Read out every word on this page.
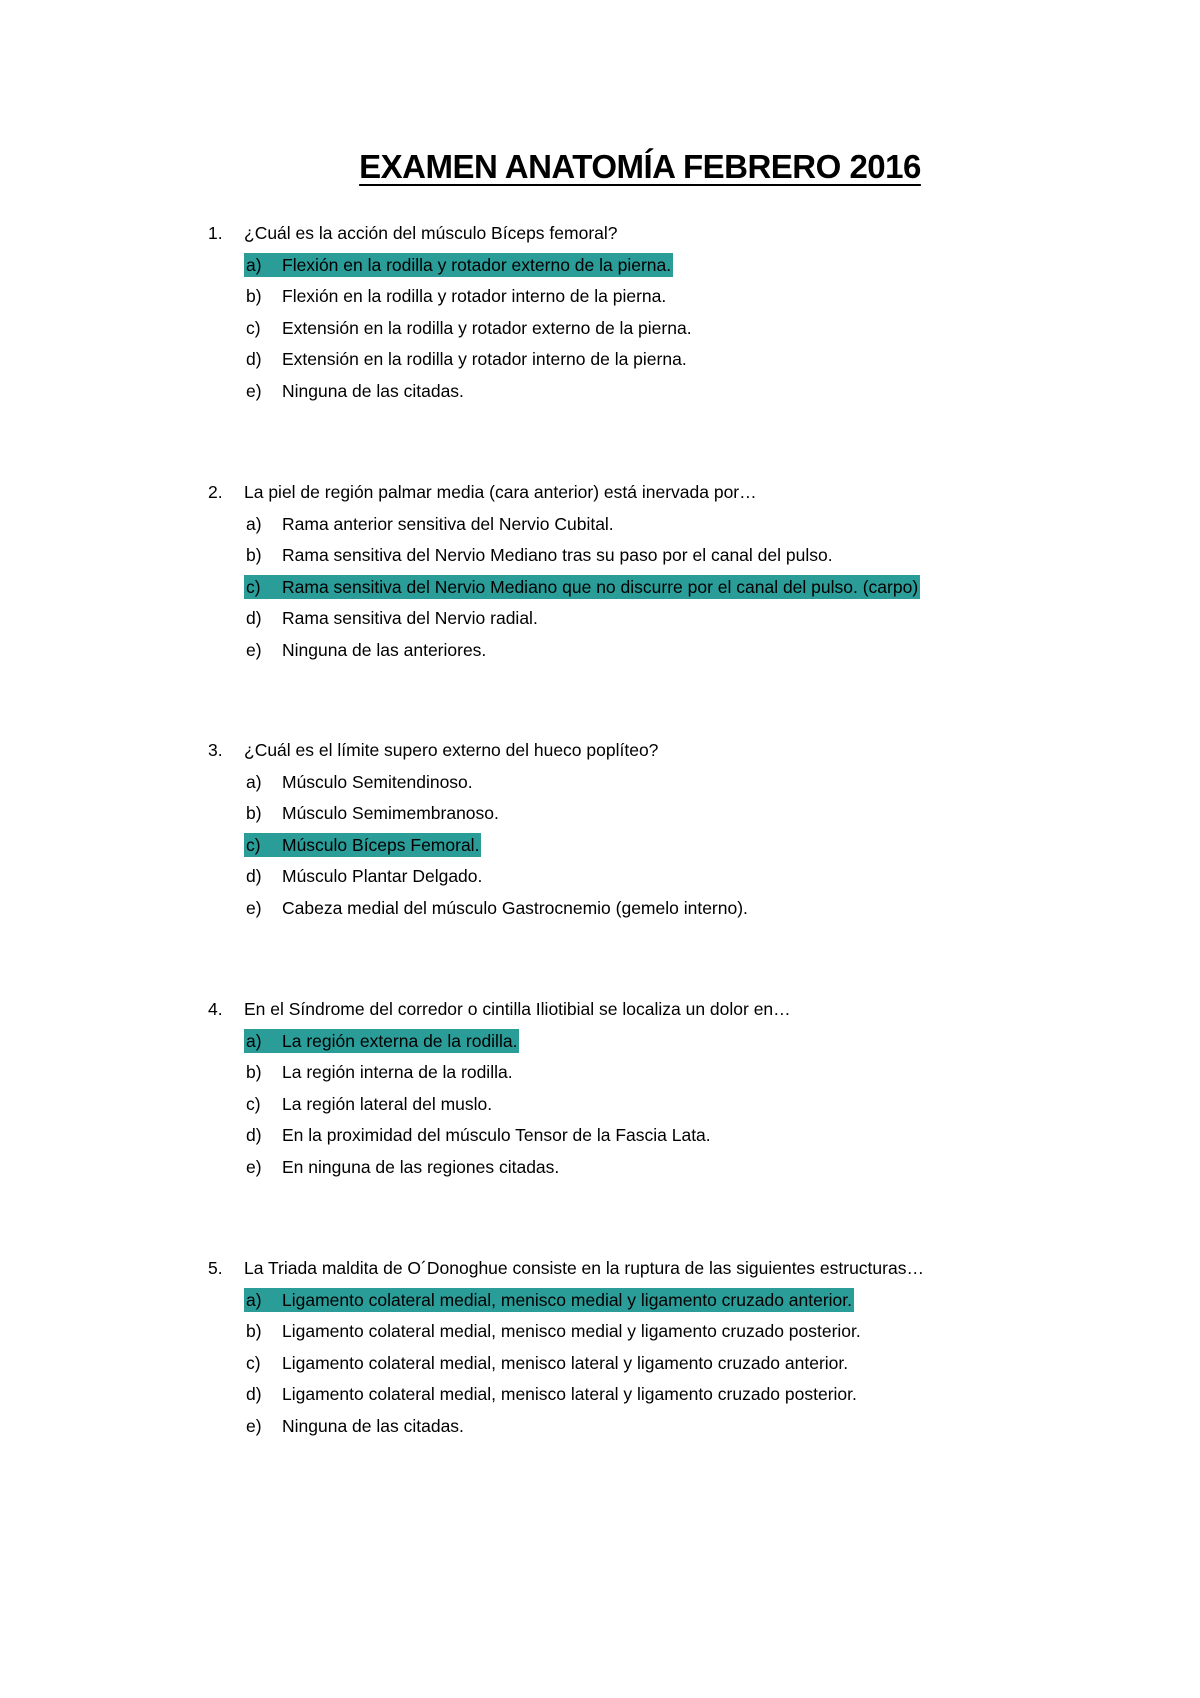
EXAMEN ANATOMÍA FEBRERO 2016
1. ¿Cuál es la acción del músculo Bíceps femoral?
a) Flexión en la rodilla y rotador externo de la pierna.
b) Flexión en la rodilla y rotador interno de la pierna.
c) Extensión en la rodilla y rotador externo de la pierna.
d) Extensión en la rodilla y rotador interno de la pierna.
e) Ninguna de las citadas.
2. La piel de región palmar media (cara anterior) está inervada por…
a) Rama anterior sensitiva del Nervio Cubital.
b) Rama sensitiva del Nervio Mediano tras su paso por el canal del pulso.
c) Rama sensitiva del Nervio Mediano que no discurre por el canal del pulso. (carpo)
d) Rama sensitiva del Nervio radial.
e) Ninguna de las anteriores.
3. ¿Cuál es el límite supero externo del hueco poplíteo?
a) Músculo Semitendinoso.
b) Músculo Semimembranoso.
c) Músculo Bíceps Femoral.
d) Músculo Plantar Delgado.
e) Cabeza medial del músculo Gastrocnemio (gemelo interno).
4. En el Síndrome del corredor o cintilla Iliotibial se localiza un dolor en…
a) La región externa de la rodilla.
b) La región interna de la rodilla.
c) La región lateral del muslo.
d) En la proximidad del músculo Tensor de la Fascia Lata.
e) En ninguna de las regiones citadas.
5. La Triada maldita de O´Donoghue consiste en la ruptura de las siguientes estructuras…
a) Ligamento colateral medial, menisco medial y ligamento cruzado anterior.
b) Ligamento colateral medial, menisco medial y ligamento cruzado posterior.
c) Ligamento colateral medial, menisco lateral y ligamento cruzado anterior.
d) Ligamento colateral medial, menisco lateral y ligamento cruzado posterior.
e) Ninguna de las citadas.
